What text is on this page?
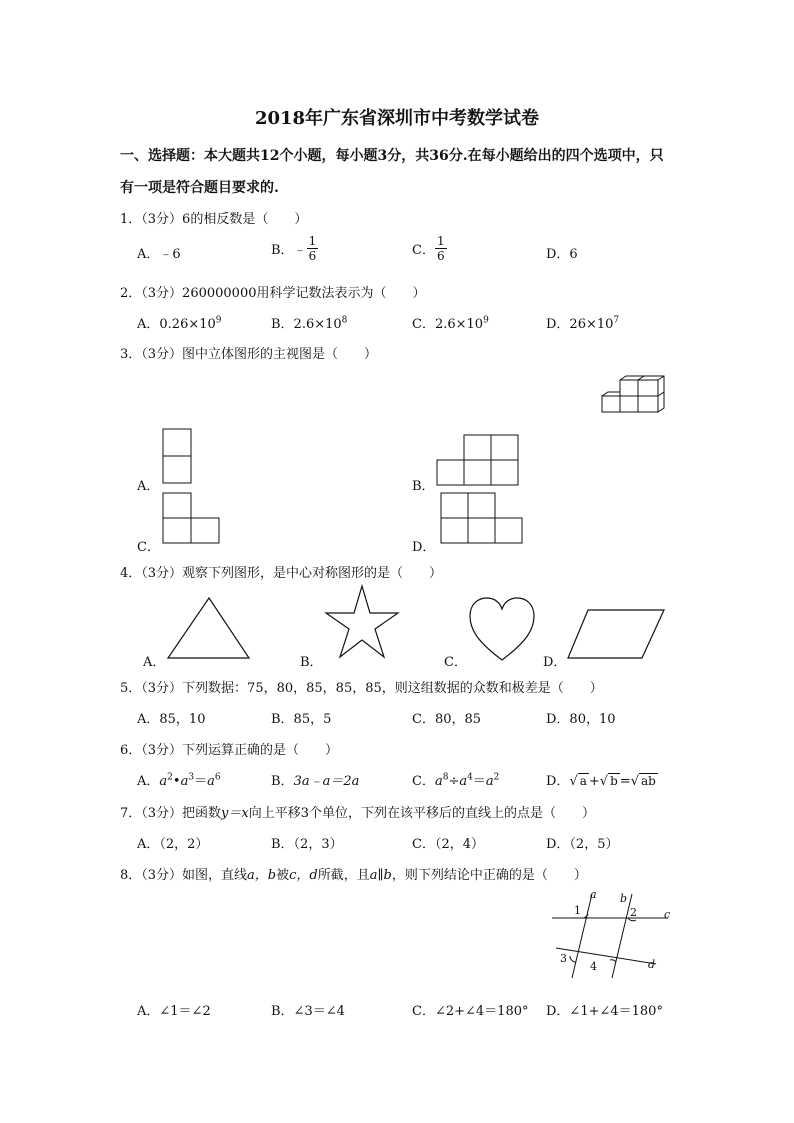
2018年广东省深圳市中考数学试卷
一、选择题：本大题共12个小题，每小题3分，共36分.在每小题给出的四个选项中，只
有一项是符合题目要求的.
1．（3分）6的相反数是（　　）
A．﹣6	B．﹣ $\frac{1}{6}$	C． $\frac{1}{6}$	D．6
2．（3分）260000000用科学记数法表示为（　　）
A．$0.26\times 10^9$	B．$2.6\times 10^8$	C．$2.6\times 10^9$	D．$26\times 10^7$
3．（3分）图中立体图形的主视图是（　　）
A．	B．
C．	D．
4．（3分）观察下列图形，是中心对称图形的是（　　）
A．	B．	C．	D．
5．（3分）下列数据：75，80，85，85，85，则这组数据的众数和极差是（　　）
A．85，10	B．85，5	C．80，85	D．80，10
6．（3分）下列运算正确的是（　　）
A．$a^2•a^3=a^6$	B．3a﹣a＝2a	C．$a^8\div a^4=a^2$	D．√ a +√ b =√ ab
7．（3分）把函数y＝x向上平移3个单位，下列在该平移后的直线上的点是（　　）
A．（2，2）	B．（2，3）	C．（2，4）	D．（2，5）
8．（3分）如图，直线a，b被c，d所截，且a∥b，则下列结论中正确的是（　　）
a b
c
d
1	2
3
4
A．∠1＝∠2	B．∠3＝∠4	C．∠2+∠4＝180° D．∠1+∠4＝180°
